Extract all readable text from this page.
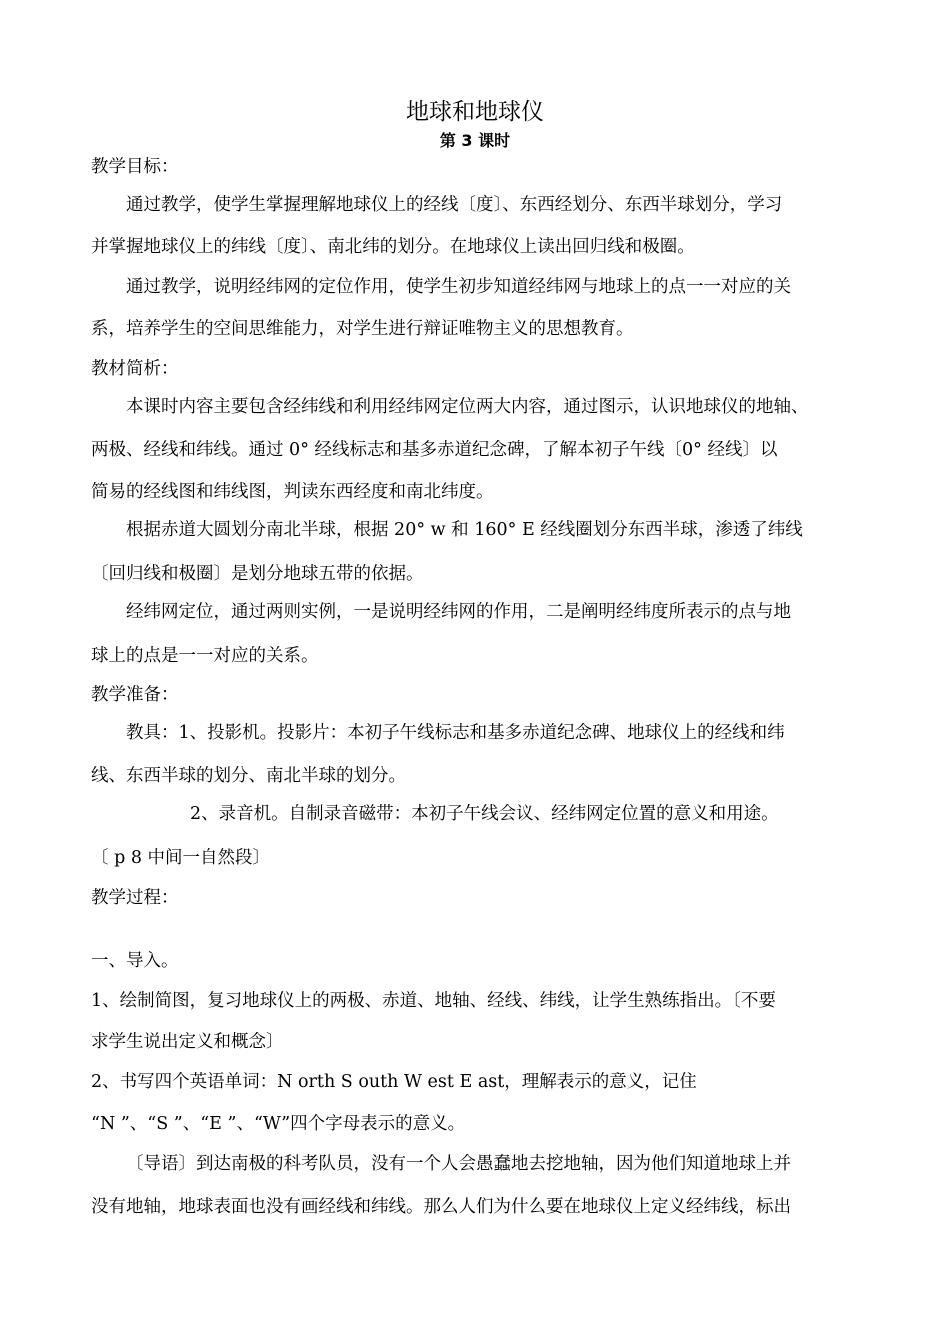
地球和地球仪
第 3 课时
教学目标：
通过教学，使学生掌握理解地球仪上的经线〔度〕、东西经划分、东西半球划分，学习
并掌握地球仪上的纬线〔度〕、南北纬的划分。在地球仪上读出回归线和极圈。
通过教学，说明经纬网的定位作用，使学生初步知道经纬网与地球上的点一一对应的关
系，培养学生的空间思维能力，对学生进行辩证唯物主义的思想教育。
教材简析：
本课时内容主要包含经纬线和利用经纬网定位两大内容，通过图示，认识地球仪的地轴、
两极、经线和纬线。通过 0° 经线标志和基多赤道纪念碑，了解本初子午线〔0° 经线〕以
简易的经线图和纬线图，判读东西经度和南北纬度。
根据赤道大圆划分南北半球，根据 20° w 和 160° E 经线圈划分东西半球，渗透了纬线
〔回归线和极圈〕是划分地球五带的依据。
经纬网定位，通过两则实例，一是说明经纬网的作用，二是阐明经纬度所表示的点与地
球上的点是一一对应的关系。
教学准备：
教具：1、投影机。投影片：本初子午线标志和基多赤道纪念碑、地球仪上的经线和纬
线、东西半球的划分、南北半球的划分。
2、录音机。自制录音磁带：本初子午线会议、经纬网定位置的意义和用途。
〔 p 8 中间一自然段〕
教学过程：
一、导入。
1、绘制简图，复习地球仪上的两极、赤道、地轴、经线、纬线，让学生熟练指出。〔不要
求学生说出定义和概念〕
2、书写四个英语单词：N orth S outh W est E ast，理解表示的意义，记住
“N ”、“S ”、“E ”、“W”四个字母表示的意义。
〔导语〕到达南极的科考队员，没有一个人会愚蠢地去挖地轴，因为他们知道地球上并
没有地轴，地球表面也没有画经线和纬线。那么人们为什么要在地球仪上定义经纬线，标出
